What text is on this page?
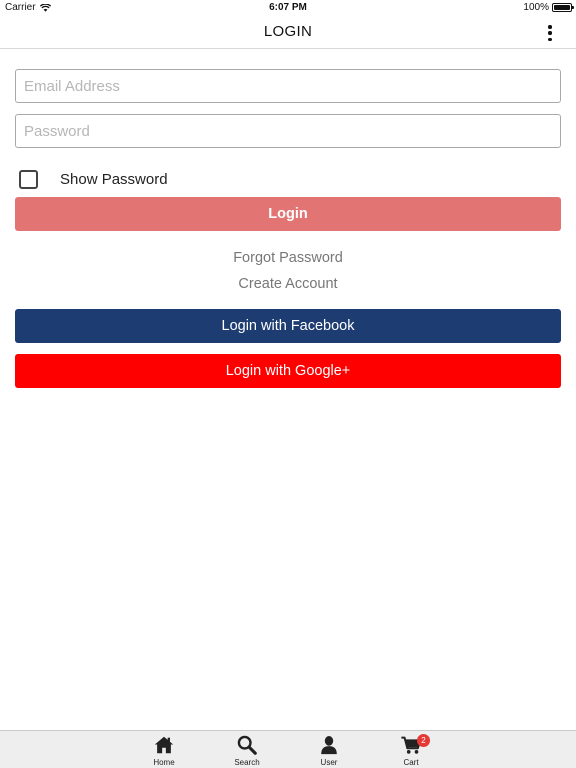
Carrier	6:07 PM	100%
LOGIN
Email Address
Show Password
Login
Forgot Password
Create Account
Login with Facebook
Login with Google+
Home	Search	User
2
Cart
